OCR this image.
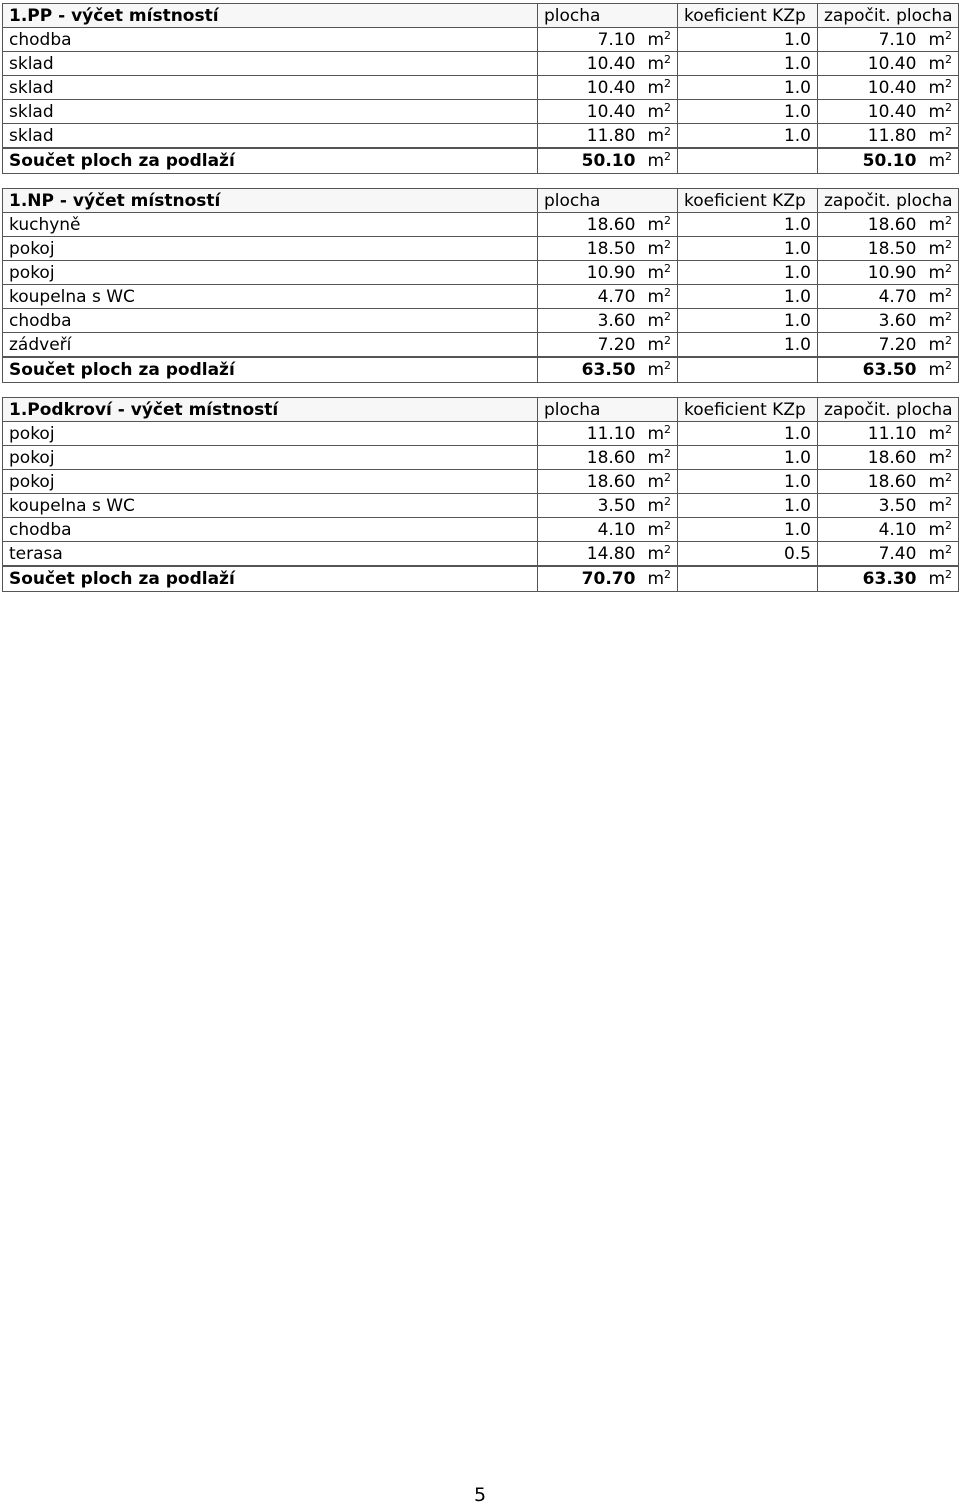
1.PP - výčet místností	plocha	koeficient KZp	započit. plocha
chodba	7.10 $m^2$	1.0	7.10 $m^2$
sklad	10.40 $m^2$	1.0	10.40 $m^2$
sklad	10.40 $m^2$	1.0	10.40 $m^2$
sklad	10.40 $m^2$	1.0	10.40 $m^2$
sklad	11.80 $m^2$	1.0	11.80 $m^2$
Součet ploch za podlaží	50.10 $m^2$		50.10 $m^2$
1.NP - výčet místností	plocha	koeficient KZp	započit. plocha
kuchyně	18.60 $m^2$	1.0	18.60 $m^2$
pokoj	18.50 $m^2$	1.0	18.50 $m^2$
pokoj	10.90 $m^2$	1.0	10.90 $m^2$
koupelna s WC	4.70 $m^2$	1.0	4.70 $m^2$
chodba	3.60 $m^2$	1.0	3.60 $m^2$
zádveří	7.20 $m^2$	1.0	7.20 $m^2$
Součet ploch za podlaží	63.50 $m^2$		63.50 $m^2$
1.Podkroví - výčet místností	plocha	koeficient KZp	započit. plocha
pokoj	11.10 $m^2$	1.0	11.10 $m^2$
pokoj	18.60 $m^2$	1.0	18.60 $m^2$
pokoj	18.60 $m^2$	1.0	18.60 $m^2$
koupelna s WC	3.50 $m^2$	1.0	3.50 $m^2$
chodba	4.10 $m^2$	1.0	4.10 $m^2$
terasa	14.80 $m^2$	0.5	7.40 $m^2$
Součet ploch za podlaží	70.70 $m^2$		63.30 $m^2$
5
